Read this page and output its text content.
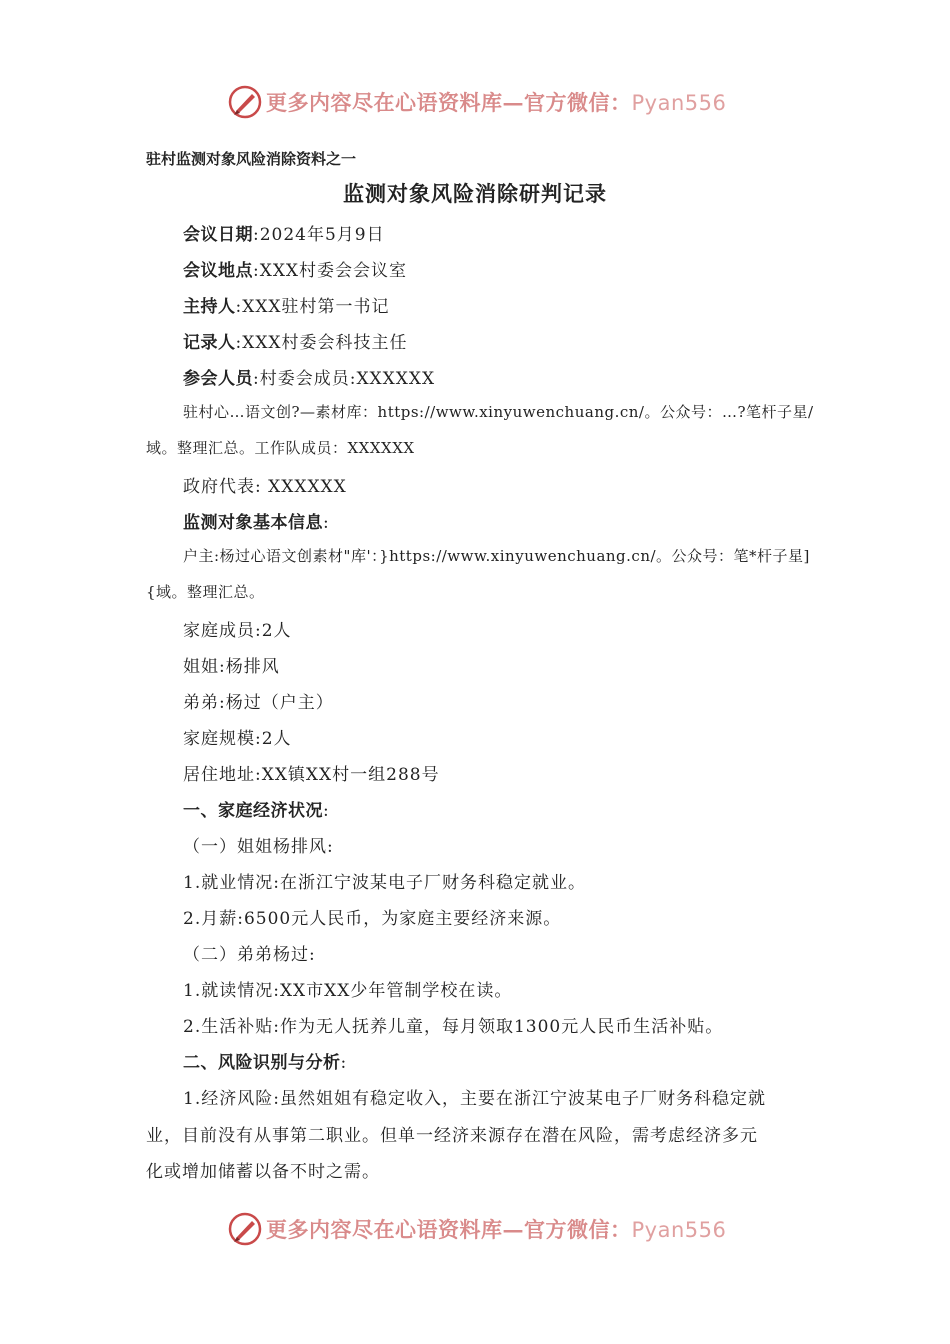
更多内容尽在心语资料库—官方微信：Pyan556
驻村监测对象风险消除资料之一
监测对象风险消除研判记录
会议日期:2024年5月9日
会议地点:XXX村委会会议室
主持人:XXX驻村第一书记
记录人:XXX村委会科技主任
参会人员:村委会成员:XXXXXX
驻村心…语文创?—素材库：https://www.xinyuwenchuang.cn/。公众号：…?笔杆子星/
域。整理汇总。工作队成员：XXXXXX
政府代表: XXXXXX
监测对象基本信息:
户主:杨过心语文创素材"库'：}https://www.xinyuwenchuang.cn/。公众号：笔*杆子星]
{域。整理汇总。
家庭成员:2人
姐姐:杨排风
弟弟:杨过（户主）
家庭规模:2人
居住地址:XX镇XX村一组288号
一、家庭经济状况:
（一）姐姐杨排风:
1.就业情况:在浙江宁波某电子厂财务科稳定就业。
2.月薪:6500元人民币，为家庭主要经济来源。
（二）弟弟杨过:
1.就读情况:XX市XX少年管制学校在读。
2.生活补贴:作为无人抚养儿童，每月领取1300元人民币生活补贴。
二、风险识别与分析:
1.经济风险:虽然姐姐有稳定收入，主要在浙江宁波某电子厂财务科稳定就
业，目前没有从事第二职业。但单一经济来源存在潜在风险，需考虑经济多元
化或增加储蓄以备不时之需。
更多内容尽在心语资料库—官方微信：Pyan556
